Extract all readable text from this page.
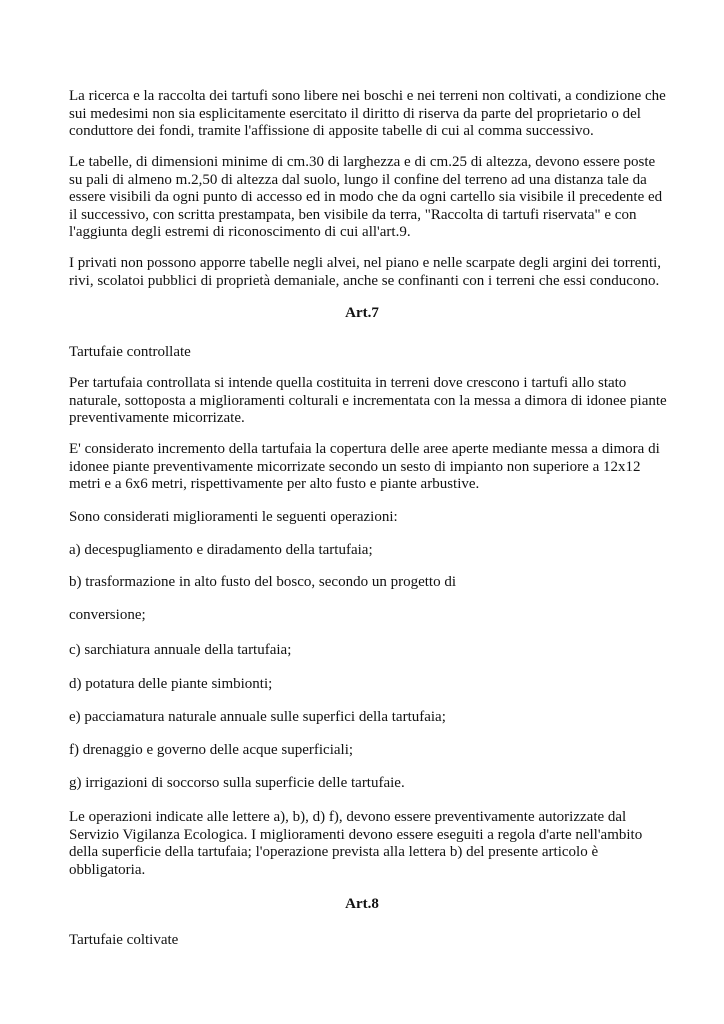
La ricerca e la raccolta dei tartufi sono libere nei boschi e nei terreni non coltivati, a condizione che sui medesimi non sia esplicitamente esercitato il diritto di riserva da parte del proprietario o del conduttore dei fondi, tramite l'affissione di apposite tabelle di cui al comma successivo.

Le tabelle, di dimensioni minime di cm.30 di larghezza e di cm.25 di altezza, devono essere poste su pali di almeno m.2,50 di altezza dal suolo, lungo il confine del terreno ad una distanza tale da essere visibili da ogni punto di accesso ed in modo che da ogni cartello sia visibile il precedente ed il successivo, con scritta prestampata, ben visibile da terra, "Raccolta di tartufi riservata" e con l'aggiunta degli estremi di riconoscimento di cui all'art.9.

I privati non possono apporre tabelle negli alvei, nel piano e nelle scarpate degli argini dei torrenti, rivi, scolatoi pubblici di proprietà demaniale, anche se confinanti con i terreni che essi conducono.

Art.7

Tartufaie controllate

Per tartufaia controllata si intende quella costituita in terreni dove crescono i tartufi allo stato naturale, sottoposta a miglioramenti colturali e incrementata con la messa a dimora di idonee piante preventivamente micorrizate.

E' considerato incremento della tartufaia la copertura delle aree aperte mediante messa a dimora di idonee piante preventivamente micorrizate secondo un sesto di impianto non superiore a 12x12 metri e a 6x6 metri, rispettivamente per alto fusto e piante arbustive.

Sono considerati miglioramenti le seguenti operazioni:

a) decespugliamento e diradamento della tartufaia;

b) trasformazione in alto fusto del bosco, secondo un progetto di

conversione;

c) sarchiatura annuale della tartufaia;

d) potatura delle piante simbionti;

e) pacciamatura naturale annuale sulle superfici della tartufaia;

f) drenaggio e governo delle acque superficiali;

g) irrigazioni di soccorso sulla superficie delle tartufaie.

Le operazioni indicate alle lettere a), b), d) f), devono essere preventivamente autorizzate dal Servizio Vigilanza Ecologica. I miglioramenti devono essere eseguiti a regola d'arte nell'ambito della superficie della tartufaia; l'operazione prevista alla lettera b) del presente articolo è obbligatoria.

Art.8

Tartufaie coltivate
